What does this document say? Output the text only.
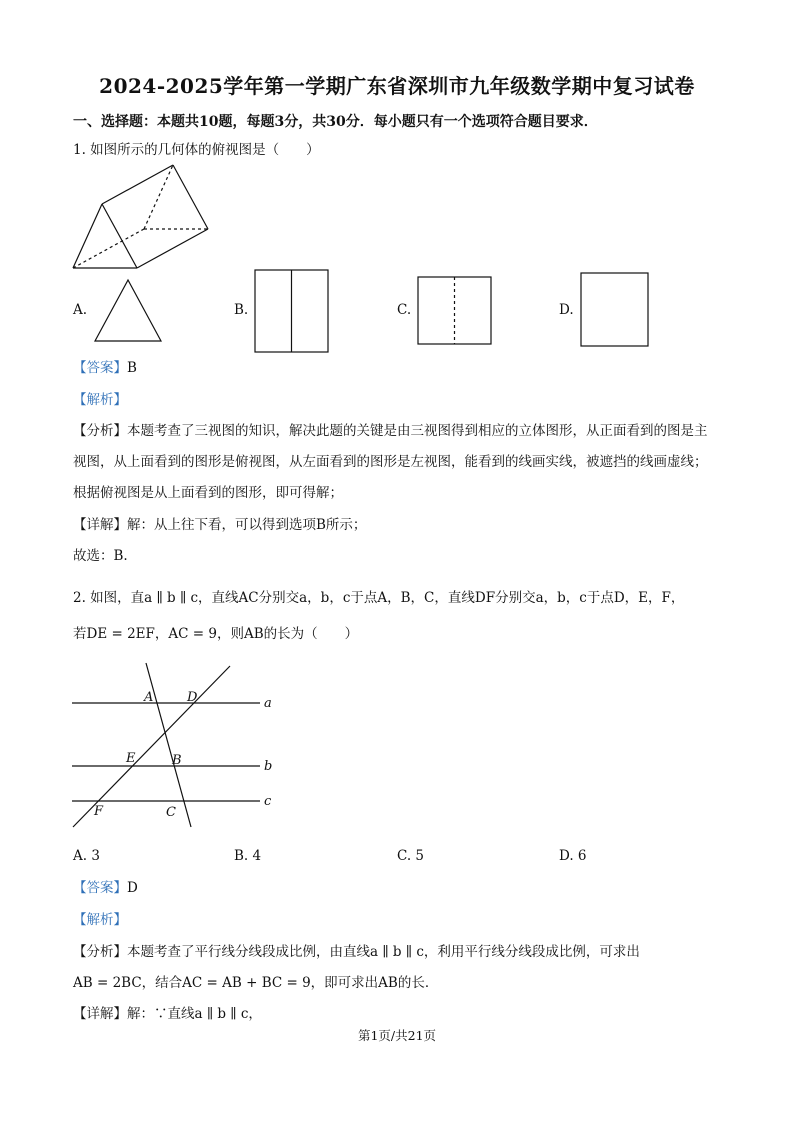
2024-2025学年第一学期广东省深圳市九年级数学期中复习试卷
一、选择题：本题共10题，每题3分，共30分．每小题只有一个选项符合题目要求．
1. 如图所示的几何体的俯视图是（　　）
A.	B.	C.	D.
【答案】B
【解析】
【分析】本题考查了三视图的知识，解决此题的关键是由三视图得到相应的立体图形，从正面看到的图是主
视图，从上面看到的图形是俯视图，从左面看到的图形是左视图，能看到的线画实线，被遮挡的线画虚线；
根据俯视图是从上面看到的图形，即可得解；
【详解】解：从上往下看，可以得到选项B所示；
故选：B.
2. 如图，直a ∥ b ∥ c，直线AC分别交a，b，c于点A，B，C，直线DF分别交a，b，c于点D，E，F，
若DE = 2EF，AC = 9，则AB的长为（　　）
A	D	a
E	B	b
c
F	C
A. 3	B. 4	C. 5	D. 6
【答案】D
【解析】
【分析】本题考查了平行线分线段成比例，由直线a ∥ b ∥ c，利用平行线分线段成比例，可求出
AB = 2BC，结合AC = AB + BC = 9，即可求出AB的长．
【详解】解：∵直线a ∥ b ∥ c，
第1页/共21页
